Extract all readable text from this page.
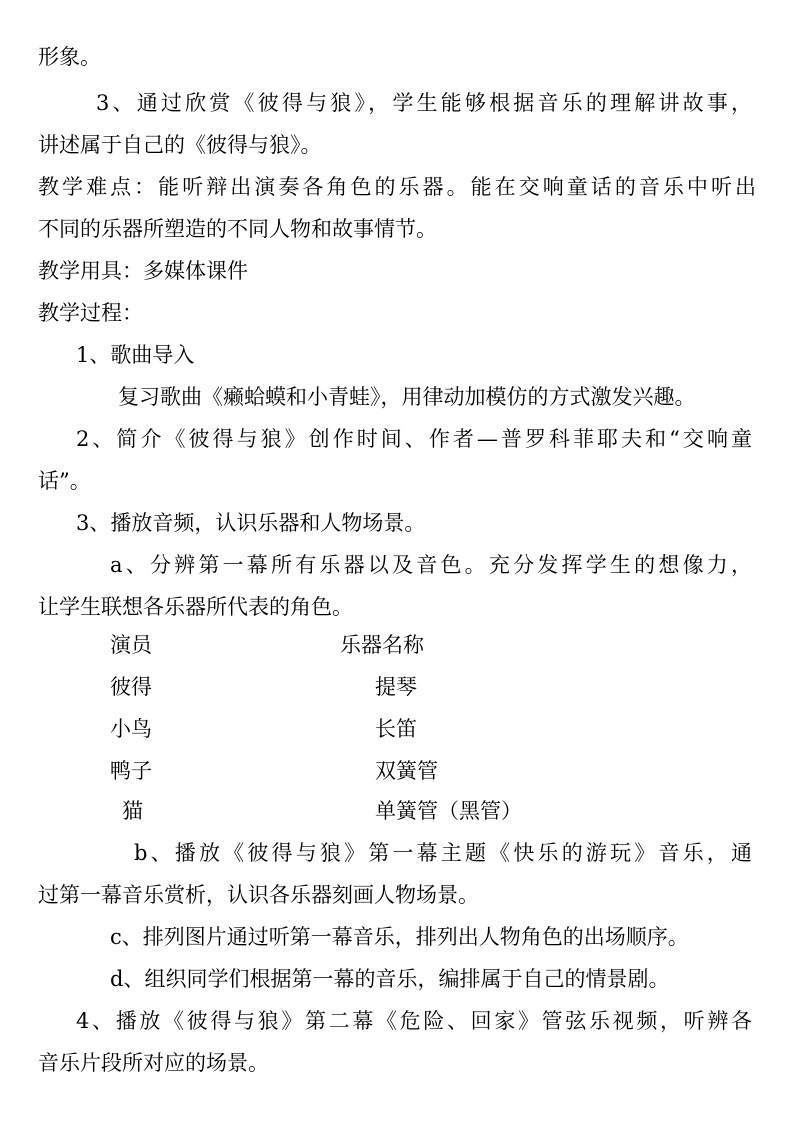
形象。

3、通过欣赏《彼得与狼》，学生能够根据音乐的理解讲故事，

讲述属于自己的《彼得与狼》。

教学难点：能听辩出演奏各角色的乐器。能在交响童话的音乐中听出

不同的乐器所塑造的不同人物和故事情节。

教学用具：多媒体课件

教学过程：

1、歌曲导入

复习歌曲《癞蛤蟆和小青蛙》，用律动加模仿的方式激发兴趣。

2、简介《彼得与狼》创作时间、作者—普罗科菲耶夫和“交响童

话”。

3、播放音频，认识乐器和人物场景。

a、分辨第一幕所有乐器以及音色。充分发挥学生的想像力，

让学生联想各乐器所代表的角色。

演员	乐器名称

彼得	提琴

小鸟	长笛

鸭子	双簧管

猫	单簧管（黑管）

b、播放《彼得与狼》第一幕主题《快乐的游玩》音乐，通

过第一幕音乐赏析，认识各乐器刻画人物场景。

c、排列图片通过听第一幕音乐，排列出人物角色的出场顺序。

d、组织同学们根据第一幕的音乐，编排属于自己的情景剧。

4、播放《彼得与狼》第二幕《危险、回家》管弦乐视频，听辨各

音乐片段所对应的场景。
